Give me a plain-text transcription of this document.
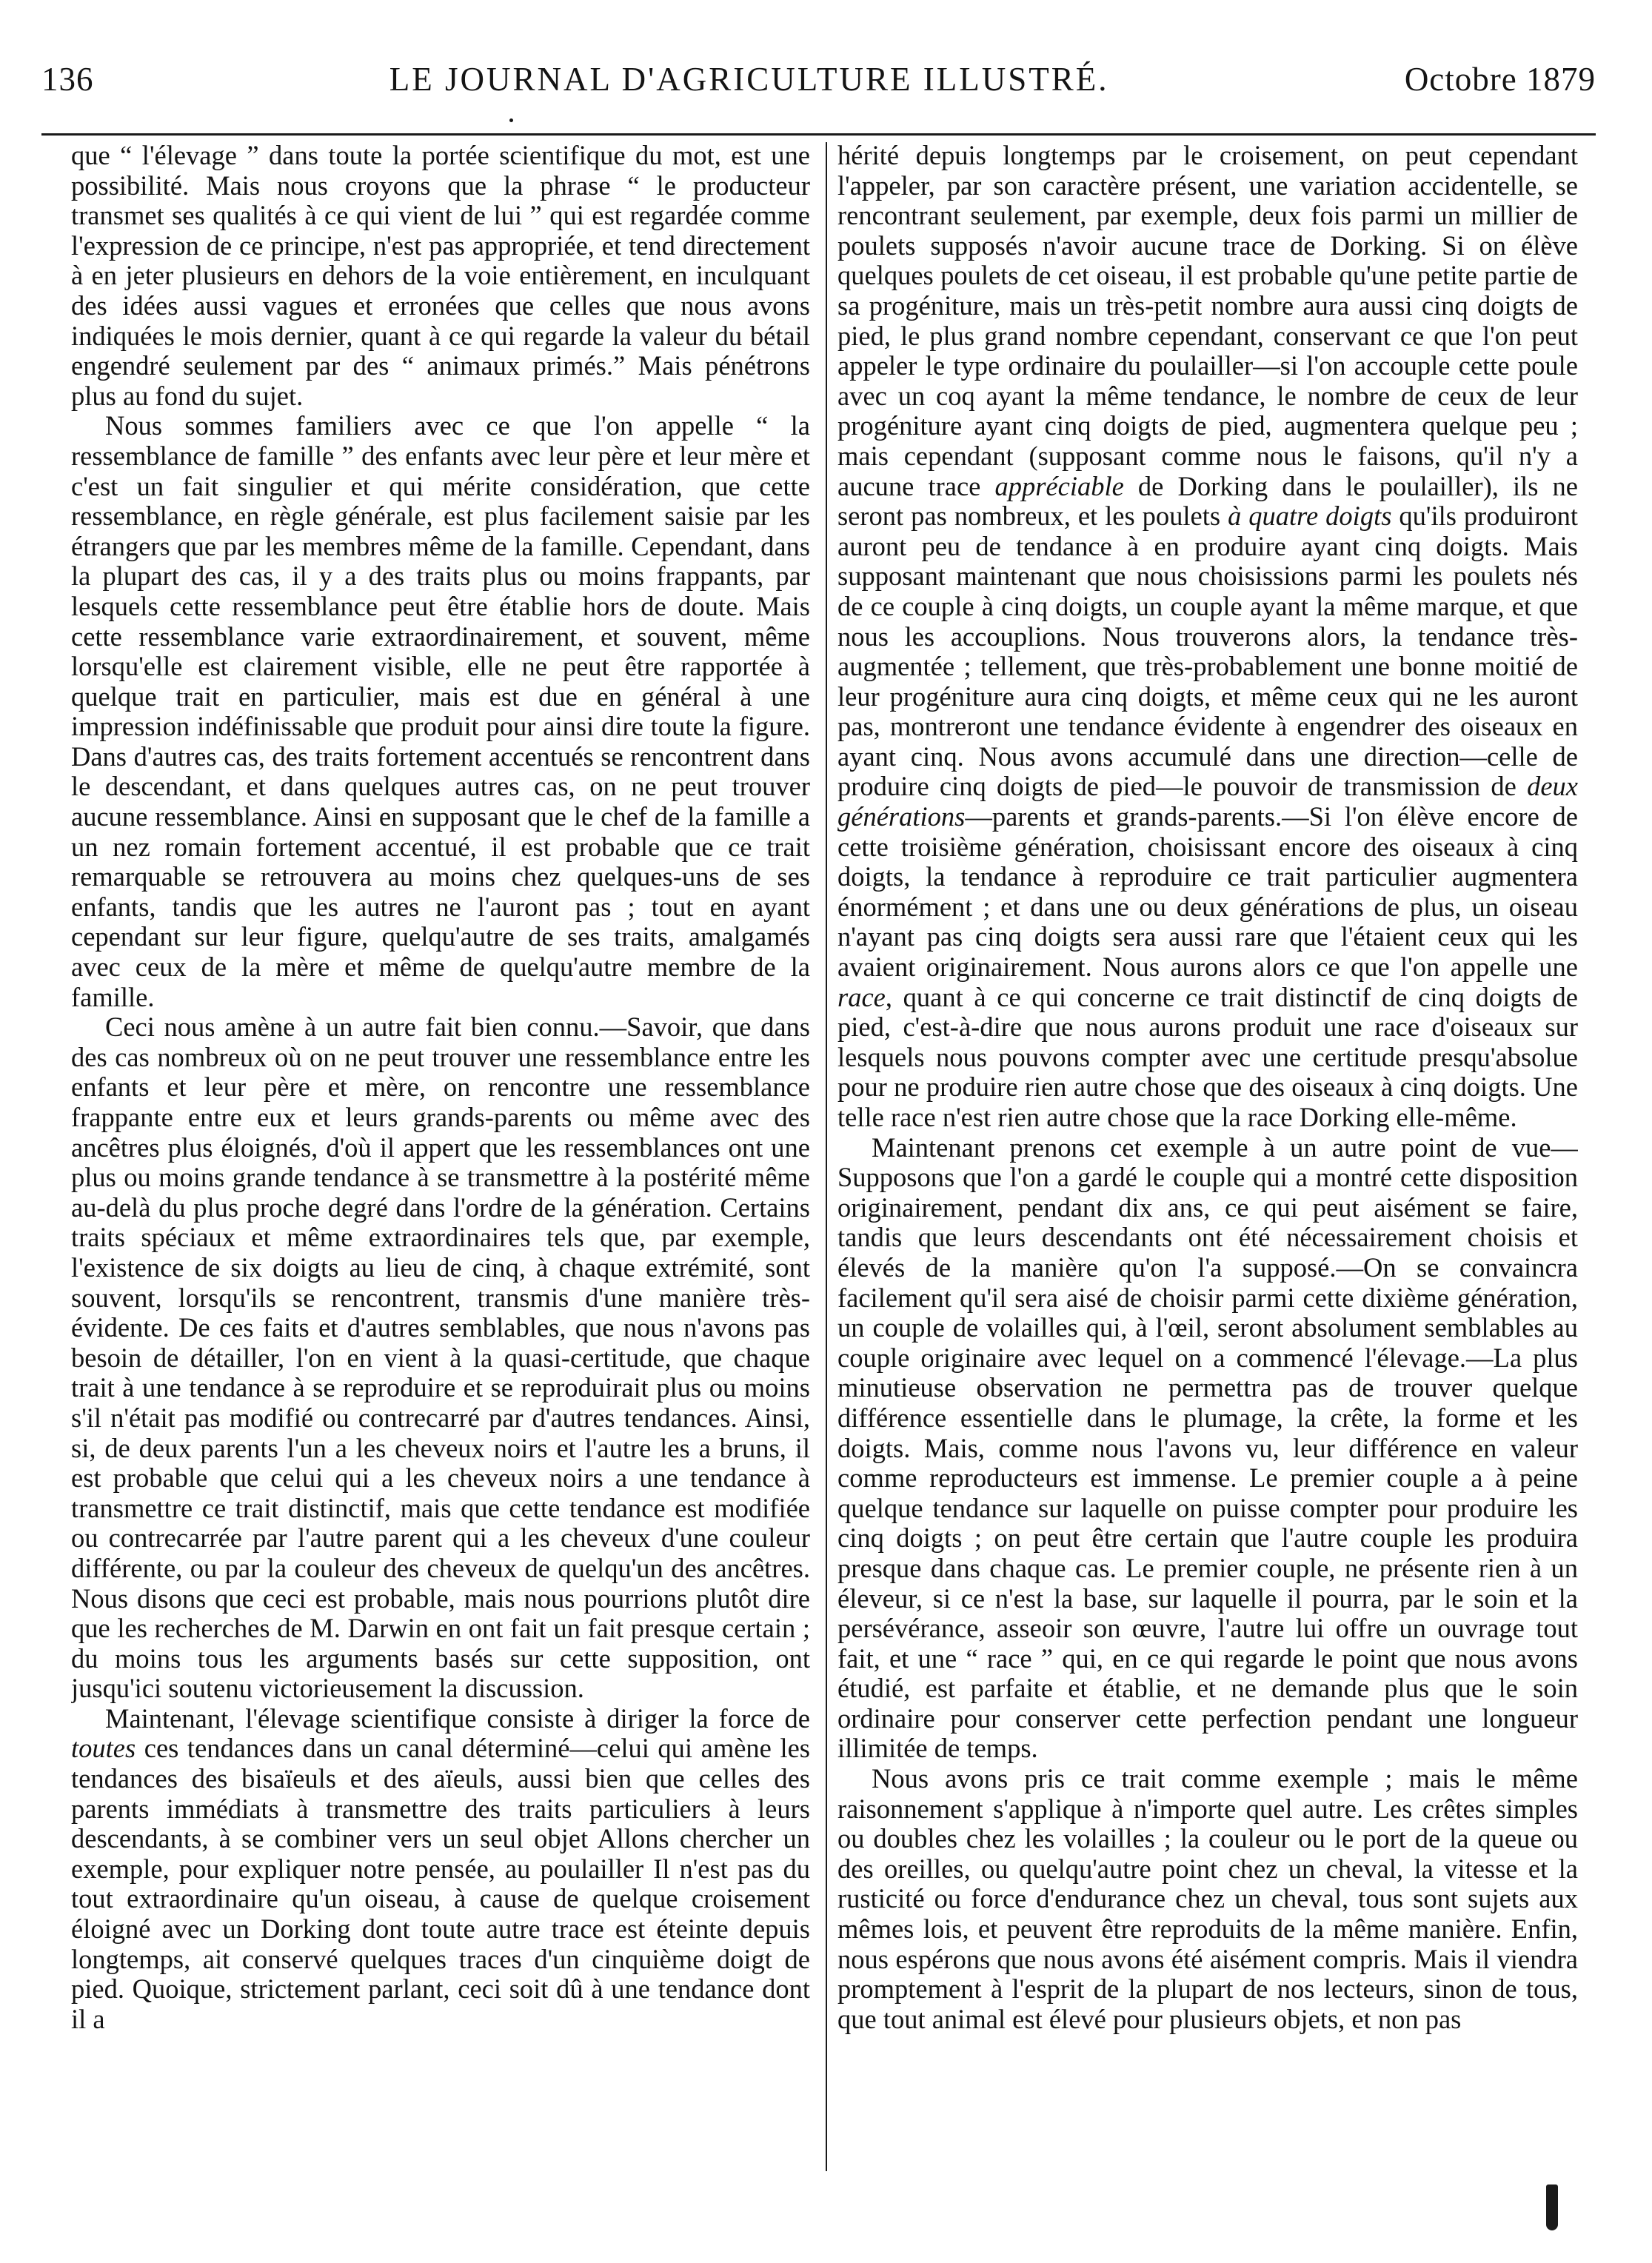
136	LE JOURNAL D'AGRICULTURE ILLUSTRÉ.	Octobre 1879

que “ l'élevage ” dans toute la portée scientifique du mot, est une possibilité. Mais nous croyons que la phrase “ le producteur transmet ses qualités à ce qui vient de lui ” qui est regardée comme l'expression de ce principe, n'est pas appropriée, et tend directement à en jeter plusieurs en dehors de la voie entièrement, en inculquant des idées aussi vagues et erronées que celles que nous avons indiquées le mois dernier, quant à ce qui regarde la valeur du bétail engendré seulement par des “ animaux primés.” Mais pénétrons plus au fond du sujet.

Nous sommes familiers avec ce que l'on appelle “ la ressemblance de famille ” des enfants avec leur père et leur mère et c'est un fait singulier et qui mérite considération, que cette ressemblance, en règle générale, est plus facilement saisie par les étrangers que par les membres même de la famille. Cependant, dans la plupart des cas, il y a des traits plus ou moins frappants, par lesquels cette ressemblance peut être établie hors de doute. Mais cette ressemblance varie extraordinairement, et souvent, même lorsqu'elle est clairement visible, elle ne peut être rapportée à quelque trait en particulier, mais est due en général à une impression indéfinissable que produit pour ainsi dire toute la figure. Dans d'autres cas, des traits fortement accentués se rencontrent dans le descendant, et dans quelques autres cas, on ne peut trouver aucune ressemblance. Ainsi en supposant que le chef de la famille a un nez romain fortement accentué, il est probable que ce trait remarquable se retrouvera au moins chez quelques-uns de ses enfants, tandis que les autres ne l'auront pas ; tout en ayant cependant sur leur figure, quelqu'autre de ses traits, amalgamés avec ceux de la mère et même de quelqu'autre membre de la famille.

Ceci nous amène à un autre fait bien connu.—Savoir, que dans des cas nombreux où on ne peut trouver une ressemblance entre les enfants et leur père et mère, on rencontre une ressemblance frappante entre eux et leurs grands-parents ou même avec des ancêtres plus éloignés, d'où il appert que les ressemblances ont une plus ou moins grande tendance à se transmettre à la postérité même au-delà du plus proche degré dans l'ordre de la génération. Certains traits spéciaux et même extraordinaires tels que, par exemple, l'existence de six doigts au lieu de cinq, à chaque extrémité, sont souvent, lorsqu'ils se rencontrent, transmis d'une manière très-évidente. De ces faits et d'autres semblables, que nous n'avons pas besoin de détailler, l'on en vient à la quasi-certitude, que chaque trait à une tendance à se reproduire et se reproduirait plus ou moins s'il n'était pas modifié ou contrecarré par d'autres tendances. Ainsi, si, de deux parents l'un a les cheveux noirs et l'autre les a bruns, il est probable que celui qui a les cheveux noirs a une tendance à transmettre ce trait distinctif, mais que cette tendance est modifiée ou contrecarrée par l'autre parent qui a les cheveux d'une couleur différente, ou par la couleur des cheveux de quelqu'un des ancêtres. Nous disons que ceci est probable, mais nous pourrions plutôt dire que les recherches de M. Darwin en ont fait un fait presque certain ; du moins tous les arguments basés sur cette supposition, ont jusqu'ici soutenu victorieusement la discussion.

Maintenant, l'élevage scientifique consiste à diriger la force de toutes ces tendances dans un canal déterminé—celui qui amène les tendances des bisaïeuls et des aïeuls, aussi bien que celles des parents immédiats à transmettre des traits particuliers à leurs descendants, à se combiner vers un seul objet Allons chercher un exemple, pour expliquer notre pensée, au poulailler Il n'est pas du tout extraordinaire qu'un oiseau, à cause de quelque croisement éloigné avec un Dorking dont toute autre trace est éteinte depuis longtemps, ait conservé quelques traces d'un cinquième doigt de pied. Quoique, strictement parlant, ceci soit dû à une tendance dont il a

hérité depuis longtemps par le croisement, on peut cependant l'appeler, par son caractère présent, une variation accidentelle, se rencontrant seulement, par exemple, deux fois parmi un millier de poulets supposés n'avoir aucune trace de Dorking. Si on élève quelques poulets de cet oiseau, il est probable qu'une petite partie de sa progéniture, mais un très-petit nombre aura aussi cinq doigts de pied, le plus grand nombre cependant, conservant ce que l'on peut appeler le type ordinaire du poulailler—si l'on accouple cette poule avec un coq ayant la même tendance, le nombre de ceux de leur progéniture ayant cinq doigts de pied, augmentera quelque peu ; mais cependant (supposant comme nous le faisons, qu'il n'y a aucune trace appréciable de Dorking dans le poulailler), ils ne seront pas nombreux, et les poulets à quatre doigts qu'ils produiront auront peu de tendance à en produire ayant cinq doigts. Mais supposant maintenant que nous choisissions parmi les poulets nés de ce couple à cinq doigts, un couple ayant la même marque, et que nous les accouplions. Nous trouverons alors, la tendance très-augmentée ; tellement, que très-probablement une bonne moitié de leur progéniture aura cinq doigts, et même ceux qui ne les auront pas, montreront une tendance évidente à engendrer des oiseaux en ayant cinq. Nous avons accumulé dans une direction—celle de produire cinq doigts de pied—le pouvoir de transmission de deux générations—parents et grands-parents.—Si l'on élève encore de cette troisième génération, choisissant encore des oiseaux à cinq doigts, la tendance à reproduire ce trait particulier augmentera énormément ; et dans une ou deux générations de plus, un oiseau n'ayant pas cinq doigts sera aussi rare que l'étaient ceux qui les avaient originairement. Nous aurons alors ce que l'on appelle une race, quant à ce qui concerne ce trait distinctif de cinq doigts de pied, c'est-à-dire que nous aurons produit une race d'oiseaux sur lesquels nous pouvons compter avec une certitude presqu'absolue pour ne produire rien autre chose que des oiseaux à cinq doigts. Une telle race n'est rien autre chose que la race Dorking elle-même.

Maintenant prenons cet exemple à un autre point de vue—Supposons que l'on a gardé le couple qui a montré cette disposition originairement, pendant dix ans, ce qui peut aisément se faire, tandis que leurs descendants ont été nécessairement choisis et élevés de la manière qu'on l'a supposé.—On se convaincra facilement qu'il sera aisé de choisir parmi cette dixième génération, un couple de volailles qui, à l'œil, seront absolument semblables au couple originaire avec lequel on a commencé l'élevage.—La plus minutieuse observation ne permettra pas de trouver quelque différence essentielle dans le plumage, la crête, la forme et les doigts. Mais, comme nous l'avons vu, leur différence en valeur comme reproducteurs est immense. Le premier couple a à peine quelque tendance sur laquelle on puisse compter pour produire les cinq doigts ; on peut être certain que l'autre couple les produira presque dans chaque cas. Le premier couple, ne présente rien à un éleveur, si ce n'est la base, sur laquelle il pourra, par le soin et la persévérance, asseoir son œuvre, l'autre lui offre un ouvrage tout fait, et une “ race ” qui, en ce qui regarde le point que nous avons étudié, est parfaite et établie, et ne demande plus que le soin ordinaire pour conserver cette perfection pendant une longueur illimitée de temps.

Nous avons pris ce trait comme exemple ; mais le même raisonnement s'applique à n'importe quel autre. Les crêtes simples ou doubles chez les volailles ; la couleur ou le port de la queue ou des oreilles, ou quelqu'autre point chez un cheval, la vitesse et la rusticité ou force d'endurance chez un cheval, tous sont sujets aux mêmes lois, et peuvent être reproduits de la même manière. Enfin, nous espérons que nous avons été aisément compris. Mais il viendra promptement à l'esprit de la plupart de nos lecteurs, sinon de tous, que tout animal est élevé pour plusieurs objets, et non pas
